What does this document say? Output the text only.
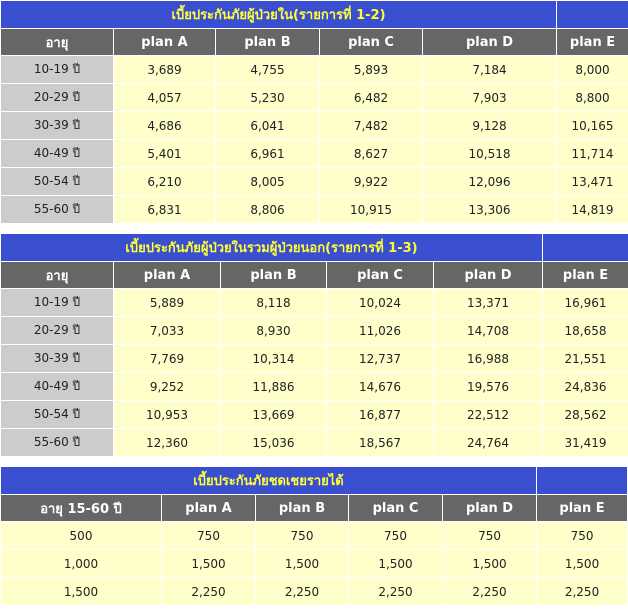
เบี้ยประกันภัยผู้ป่วยใน(รายการที่ 1-2)					
อายุ	plan A	plan B	plan C	plan D	plan E
10-19 ปี	3,689	4,755	5,893	7,184	8,000
20-29 ปี	4,057	5,230	6,482	7,903	8,800
30-39 ปี	4,686	6,041	7,482	9,128	10,165
40-49 ปี	5,401	6,961	8,627	10,518	11,714
50-54 ปี	6,210	8,005	9,922	12,096	13,471
55-60 ปี	6,831	8,806	10,915	13,306	14,819
เบี้ยประกันภัยผู้ป่วยในรวมผู้ป่วยนอก(รายการที่ 1-3)					
อายุ	plan A	plan B	plan C	plan D	plan E
10-19 ปี	5,889	8,118	10,024	13,371	16,961
20-29 ปี	7,033	8,930	11,026	14,708	18,658
30-39 ปี	7,769	10,314	12,737	16,988	21,551
40-49 ปี	9,252	11,886	14,676	19,576	24,836
50-54 ปี	10,953	13,669	16,877	22,512	28,562
55-60 ปี	12,360	15,036	18,567	24,764	31,419
เบี้ยประกันภัยชดเชยรายได้					
อายุ 15-60 ปี	plan A	plan B	plan C	plan D	plan E
500	750	750	750	750	750
1,000	1,500	1,500	1,500	1,500	1,500
1,500	2,250	2,250	2,250	2,250	2,250
